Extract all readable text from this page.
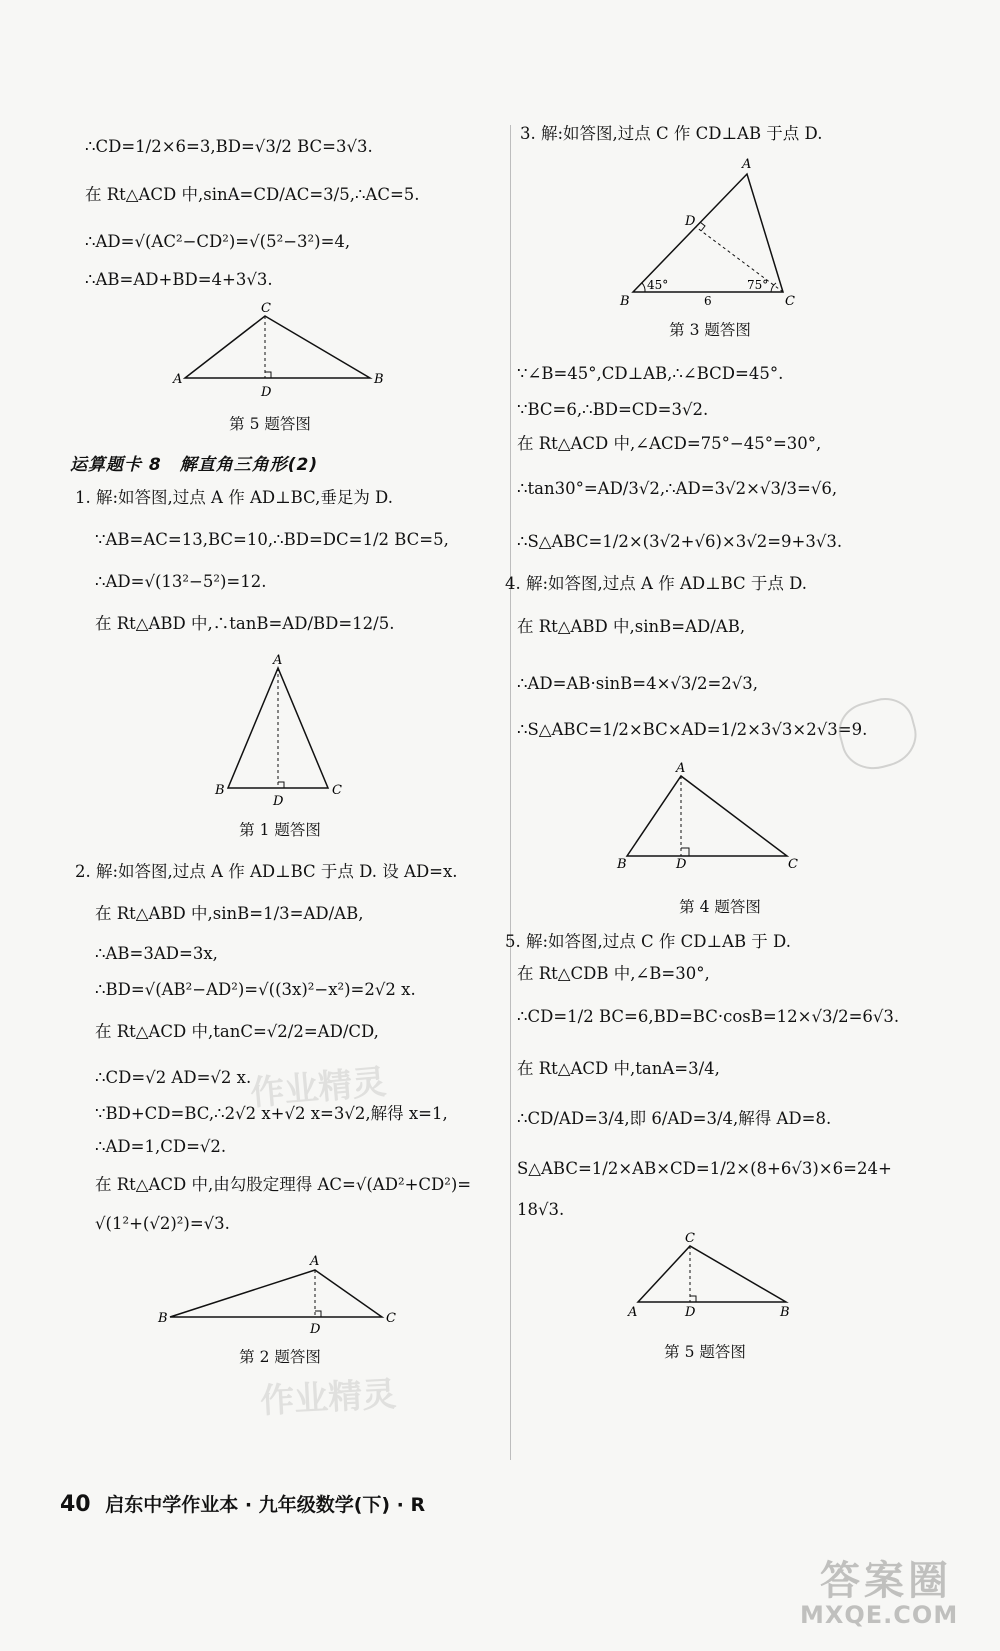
∴CD=1/2×6=3,BD=√3/2 BC=3√3.
在 Rt△ACD 中,sinA=CD/AC=3/5,∴AC=5.
∴AD=√(AC²−CD²)=√(5²−3²)=4,
∴AB=AD+BD=4+3√3.
A
C
B
D
第 5 题答图
运算题卡 8　解直角三角形(2)
1. 解:如答图,过点 A 作 AD⊥BC,垂足为 D.
∵AB=AC=13,BC=10,∴BD=DC=1/2 BC=5,
∴AD=√(13²−5²)=12.
在 Rt△ABD 中,∴tanB=AD/BD=12/5.
A
B	C
D
第 1 题答图
2. 解:如答图,过点 A 作 AD⊥BC 于点 D. 设 AD=x.
在 Rt△ABD 中,sinB=1/3=AD/AB,
∴AB=3AD=3x,
∴BD=√(AB²−AD²)=√((3x)²−x²)=2√2 x.
在 Rt△ACD 中,tanC=√2/2=AD/CD,
∴CD=√2 AD=√2 x.
∵BD+CD=BC,∴2√2 x+√2 x=3√2,解得 x=1,
∴AD=1,CD=√2.
在 Rt△ACD 中,由勾股定理得 AC=√(AD²+CD²)=
√(1²+(√2)²)=√3.
B
A
C
D
第 2 题答图
3. 解:如答图,过点 C 作 CD⊥AB 于点 D.
A
D
B	C
45°	75°
6
第 3 题答图
∵∠B=45°,CD⊥AB,∴∠BCD=45°.
∵BC=6,∴BD=CD=3√2.
在 Rt△ACD 中,∠ACD=75°−45°=30°,
∴tan30°=AD/3√2,∴AD=3√2×√3/3=√6,
∴S△ABC=1/2×(3√2+√6)×3√2=9+3√3.
4. 解:如答图,过点 A 作 AD⊥BC 于点 D.
在 Rt△ABD 中,sinB=AD/AB,
∴AD=AB·sinB=4×√3/2=2√3,
∴S△ABC=1/2×BC×AD=1/2×3√3×2√3=9.
A
B	C
D
第 4 题答图
5. 解:如答图,过点 C 作 CD⊥AB 于 D.
在 Rt△CDB 中,∠B=30°,
∴CD=1/2 BC=6,BD=BC·cosB=12×√3/2=6√3.
在 Rt△ACD 中,tanA=3/4,
∴CD/AD=3/4,即 6/AD=3/4,解得 AD=8.
S△ABC=1/2×AB×CD=1/2×(8+6√3)×6=24+
18√3.
C
A	B
D
第 5 题答图
作业精灵
作业精灵
40 启东中学作业本 · 九年级数学(下) · R
答案圈
MXQE.COM
